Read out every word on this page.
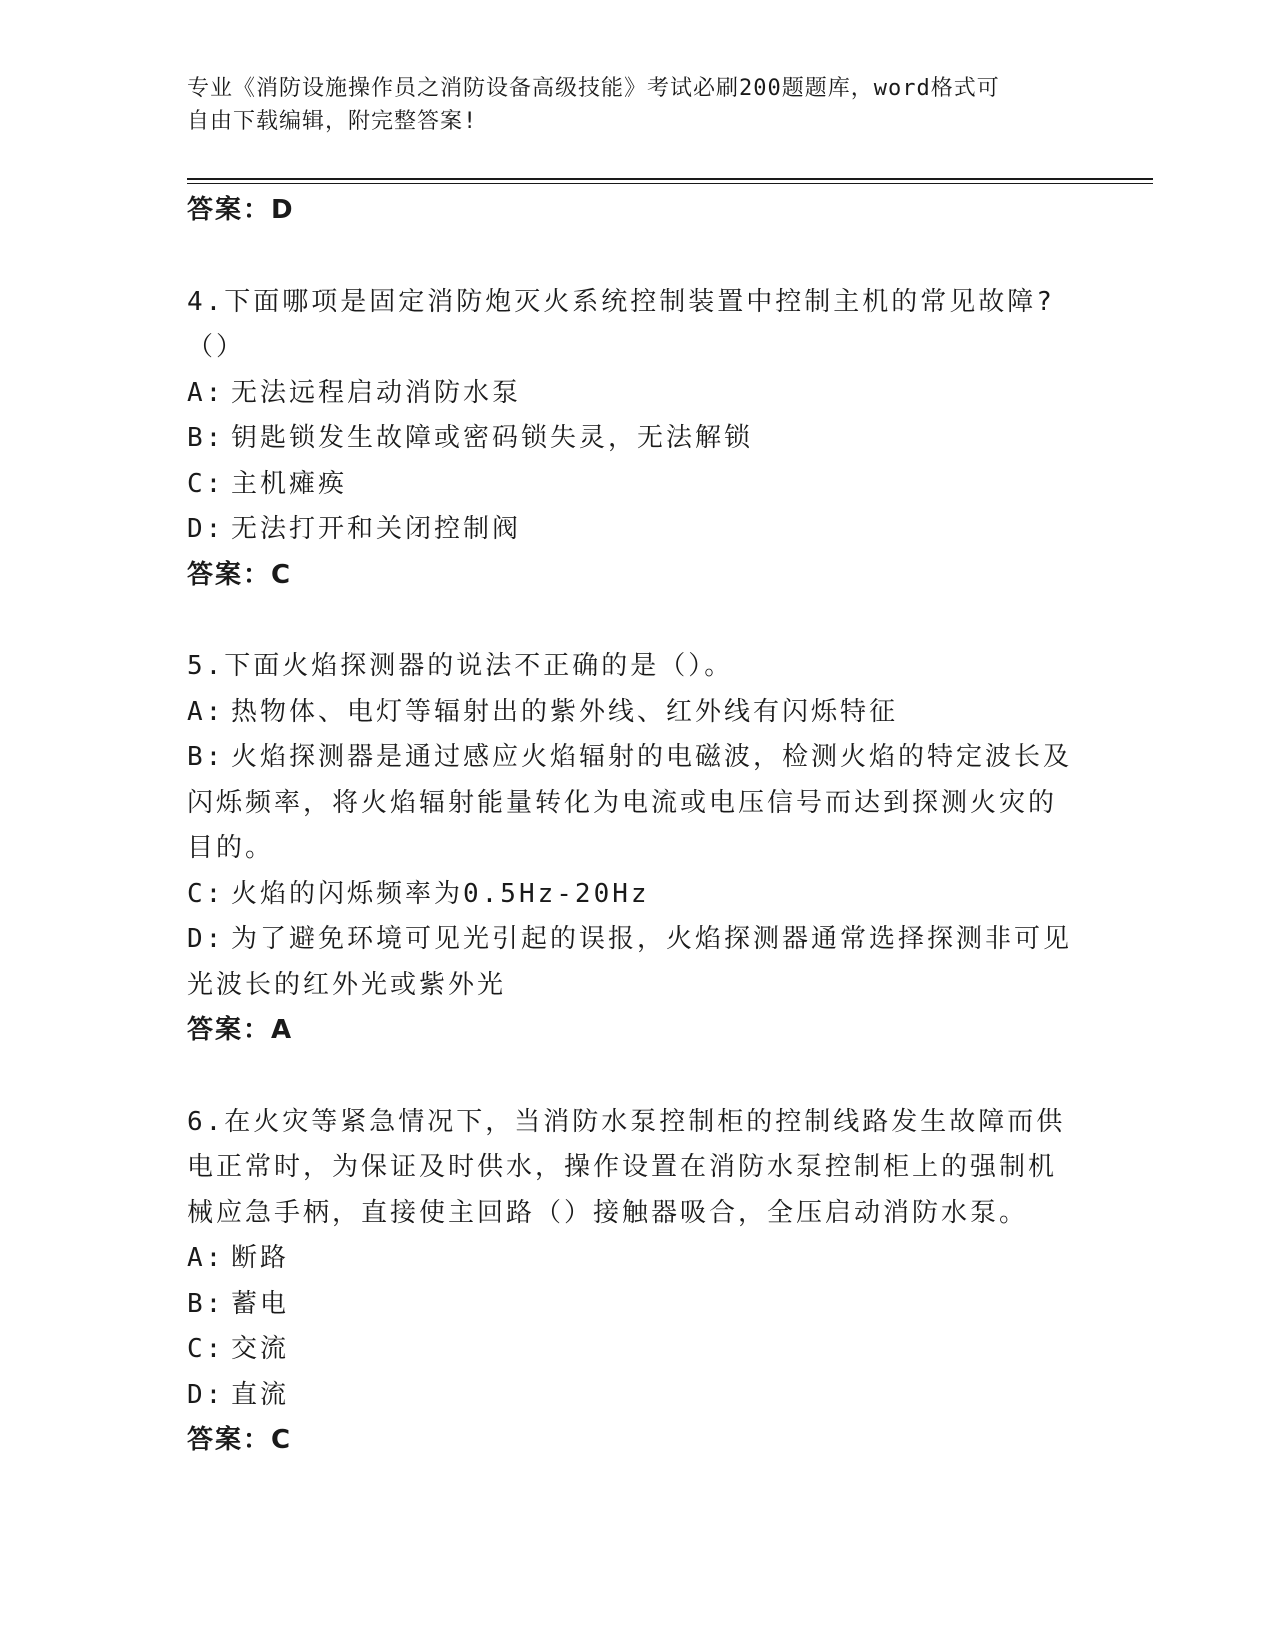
专业《消防设施操作员之消防设备高级技能》考试必刷200题题库，word格式可
自由下载编辑，附完整答案!
答案：D
4.下面哪项是固定消防炮灭火系统控制装置中控制主机的常见故障?
（）
A: 无法远程启动消防水泵
B: 钥匙锁发生故障或密码锁失灵，无法解锁
C: 主机瘫痪
D: 无法打开和关闭控制阀
答案：C
5.下面火焰探测器的说法不正确的是（）。
A: 热物体、电灯等辐射出的紫外线、红外线有闪烁特征
B: 火焰探测器是通过感应火焰辐射的电磁波，检测火焰的特定波长及
闪烁频率，将火焰辐射能量转化为电流或电压信号而达到探测火灾的
目的。
C: 火焰的闪烁频率为0.5Hz-20Hz
D: 为了避免环境可见光引起的误报，火焰探测器通常选择探测非可见
光波长的红外光或紫外光
答案：A
6.在火灾等紧急情况下，当消防水泵控制柜的控制线路发生故障而供
电正常时，为保证及时供水，操作设置在消防水泵控制柜上的强制机
械应急手柄，直接使主回路（）接触器吸合，全压启动消防水泵。
A: 断路
B: 蓄电
C: 交流
D: 直流
答案：C
